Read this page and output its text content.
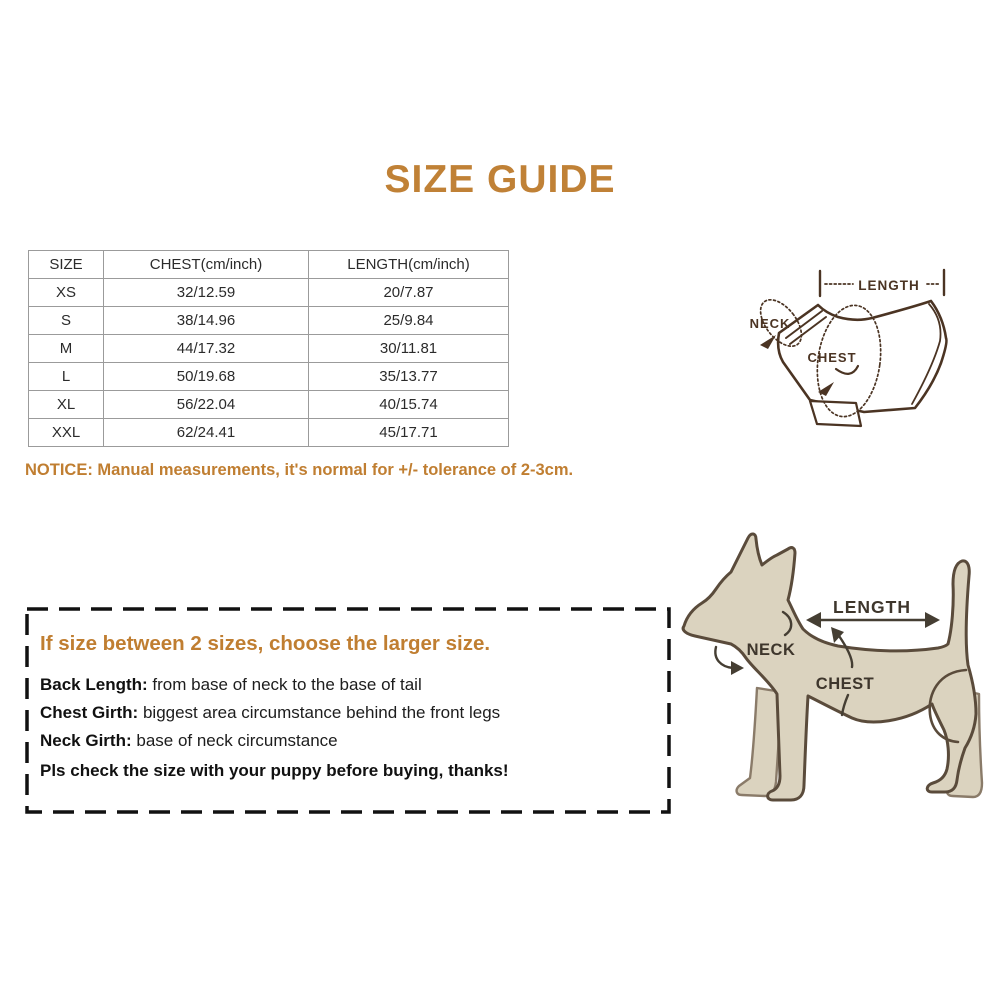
SIZE GUIDE
SIZE	CHEST(cm/inch)	LENGTH(cm/inch)
XS	32/12.59	20/7.87
S	38/14.96	25/9.84
M	44/17.32	30/11.81
L	50/19.68	35/13.77
XL	56/22.04	40/15.74
XXL	62/24.41	45/17.71
NOTICE: Manual measurements, it's normal for +/- tolerance of 2-3cm.
LENGTH
NECK
CHEST
If size between 2 sizes, choose the larger size.
Back Length: from base of neck to the base of tail
Chest Girth: biggest area circumstance behind the front legs
Neck Girth: base of neck circumstance
Pls check the size with your puppy before buying, thanks!
LENGTH
NECK
CHEST
